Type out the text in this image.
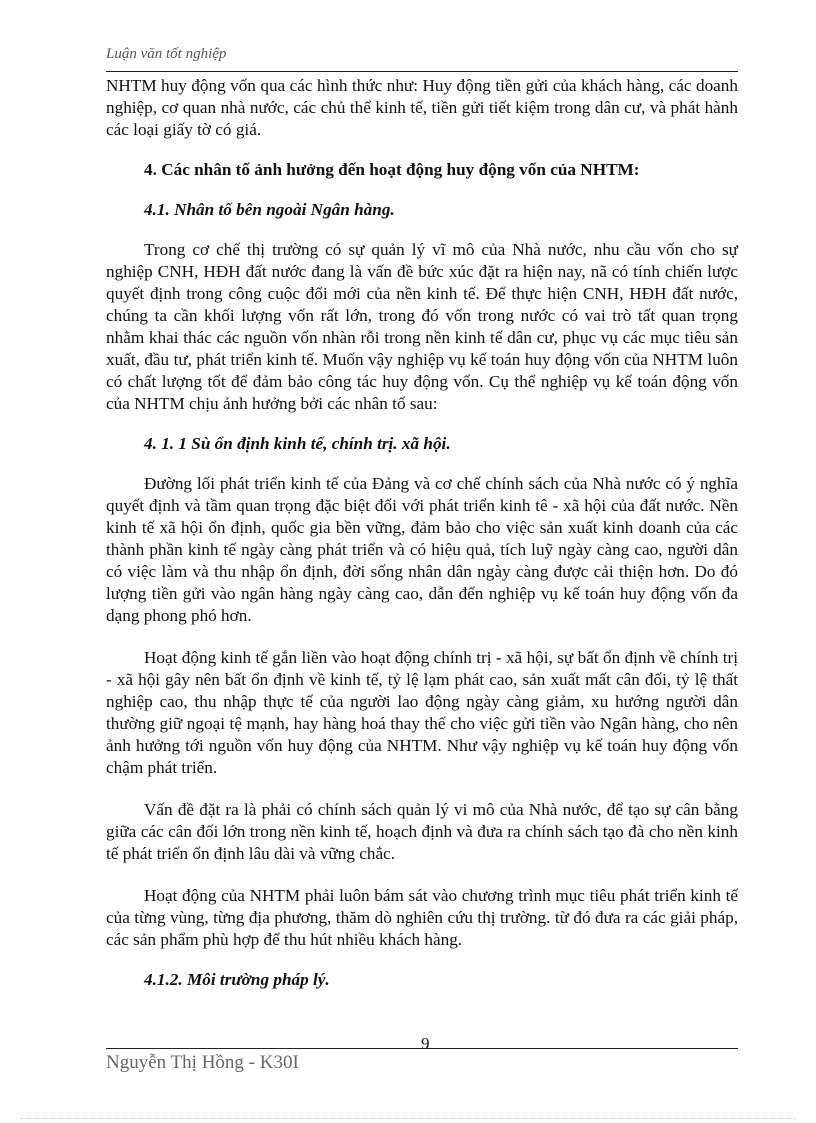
Luận văn tốt nghiệp

NHTM huy động vốn qua các hình thức như: Huy động tiền gửi của khách hàng, các doanh nghiệp, cơ quan nhà nước, các chủ thể kinh tế, tiền gửi tiết kiệm trong dân cư, và phát hành các loại giấy tờ có giá.

4. Các nhân tố ảnh hưởng đến hoạt động huy động vốn của NHTM:
4.1. Nhân tố bên ngoài Ngân hàng.

Trong cơ chế thị trường có sự quản lý vĩ mô của Nhà nước, nhu cầu vốn cho sự nghiệp CNH, HĐH đất nước đang là vấn đề bức xúc đặt ra hiện nay, nã có tính chiến lược quyết định trong công cuộc đổi mới của nền kinh tế. Để thực hiện CNH, HĐH đất nước, chúng ta cần khối lượng vốn rất lớn, trong đó vốn trong nước có vai trò tất quan trọng nhằm khai thác các nguồn vốn nhàn rỗi trong nền kinh tế dân cư, phục vụ các mục tiêu sản xuất, đầu tư, phát triển kinh tế. Muốn vậy nghiệp vụ kế toán huy động vốn của NHTM luôn có chất lượng tốt để đảm bảo công tác huy động vốn. Cụ thể nghiệp vụ kế toán động vốn của NHTM chịu ảnh hưởng bởi các nhân tố sau:

4. 1. 1 Sù ổn định kinh tế, chính trị. xã hội.

Đường lối phát triển kinh tế của Đảng và cơ chế chính sách của Nhà nước có ý nghĩa quyết định và tầm quan trọng đặc biệt đối với phát triển kinh tê - xã hội của đất nước. Nền kinh tế xã hội ổn định, quốc gia bền vững, đảm bảo cho việc sản xuất kinh doanh của các thành phần kinh tế ngày càng phát triển và có hiệu quả, tích luỹ ngày càng cao, người dân có việc làm và thu nhập ổn định, đời sống nhân dân ngày càng được cải thiện hơn. Do đó lượng tiền gửi vào ngân hàng ngày càng cao, dẫn đến nghiệp vụ kế toán huy động vốn đa dạng phong phó hơn.

Hoạt động kinh tế gắn liền vào hoạt động chính trị - xã hội, sự bất ổn định về chính trị - xã hội gây nên bất ổn định về kinh tế, tỷ lệ lạm phát cao, sản xuất mất cân đối, tỷ lệ thất nghiệp cao, thu nhập thực tế của người lao động ngày càng giảm, xu hướng người dân thường giữ ngoại tệ mạnh, hay hàng hoá thay thế cho việc gửi tiền vào Ngân hàng, cho nên ảnh hưởng tới nguồn vốn huy động của NHTM. Như vậy nghiệp vụ kế toán huy động vốn chậm phát triển.

Vấn đề đặt ra là phải có chính sách quản lý vi mô của Nhà nước, để tạo sự cân bằng giữa các cân đối lớn trong nền kinh tế, hoạch định và đưa ra chính sách tạo đà cho nền kinh tế phát triển ổn định lâu dài và vững chắc.

Hoạt động của NHTM phải luôn bám sát vào chương trình mục tiêu phát triển kinh tế của từng vùng, từng địa phương, thăm dò nghiên cứu thị trường. từ đó đưa ra các giải pháp, các sản phẩm phù hợp để thu hút nhiều khách hàng.

4.1.2. Môi trường pháp lý.
9
Nguyễn Thị Hồng - K30I
